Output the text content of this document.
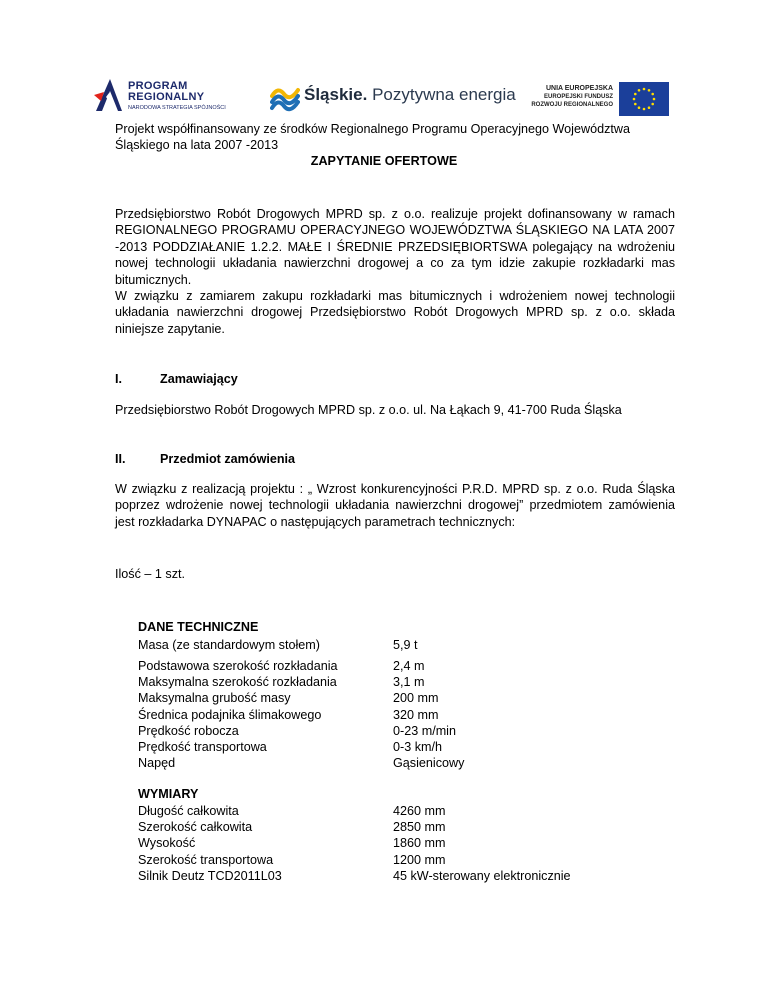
PROGRAM
REGIONALNY
NARODOWA STRATEGIA SPÓJNOŚCI
Śląskie. Pozytywna energia	UNIA EUROPEJSKA
EUROPEJSKI FUNDUSZ
ROZWOJU REGIONALNEGO
Projekt współfinansowany ze środków Regionalnego Programu Operacyjnego Województwa
Śląskiego na lata 2007 -2013
ZAPYTANIE OFERTOWE
Przedsiębiorstwo Robót Drogowych MPRD sp. z o.o. realizuje projekt dofinansowany w ramach REGIONALNEGO PROGRAMU OPERACYJNEGO WOJEWÓDZTWA ŚLĄSKIEGO NA LATA 2007 -2013 PODDZIAŁANIE 1.2.2. MAŁE I ŚREDNIE PRZEDSIĘBIORTSWA polegający na wdrożeniu nowej technologii układania nawierzchni drogowej a co za tym idzie zakupie rozkładarki mas bitumicznych.
W związku z zamiarem zakupu rozkładarki mas bitumicznych i wdrożeniem nowej technologii układania nawierzchni drogowej Przedsiębiorstwo Robót Drogowych MPRD sp. z o.o. składa niniejsze zapytanie.
I.	Zamawiający
Przedsiębiorstwo Robót Drogowych MPRD sp. z o.o. ul. Na Łąkach 9, 41-700 Ruda Śląska
II.	Przedmiot zamówienia
W związku z realizacją projektu : „ Wzrost konkurencyjności P.R.D. MPRD sp. z o.o. Ruda Śląska poprzez wdrożenie nowej technologii układania nawierzchni drogowej” przedmiotem zamówienia jest rozkładarka DYNAPAC o następujących parametrach technicznych:
Ilość – 1 szt.
DANE TECHNICZNE
Masa (ze standardowym stołem)	5,9 t
Podstawowa szerokość rozkładania	2,4 m
Maksymalna szerokość rozkładania	3,1 m
Maksymalna grubość masy	200 mm
Średnica podajnika ślimakowego	320 mm
Prędkość robocza	0-23 m/min
Prędkość transportowa	0-3 km/h
Napęd	Gąsienicowy
WYMIARY
Długość całkowita	4260 mm
Szerokość całkowita	2850 mm
Wysokość	1860 mm
Szerokość transportowa	1200 mm
Silnik Deutz TCD2011L03	45 kW-sterowany elektronicznie
